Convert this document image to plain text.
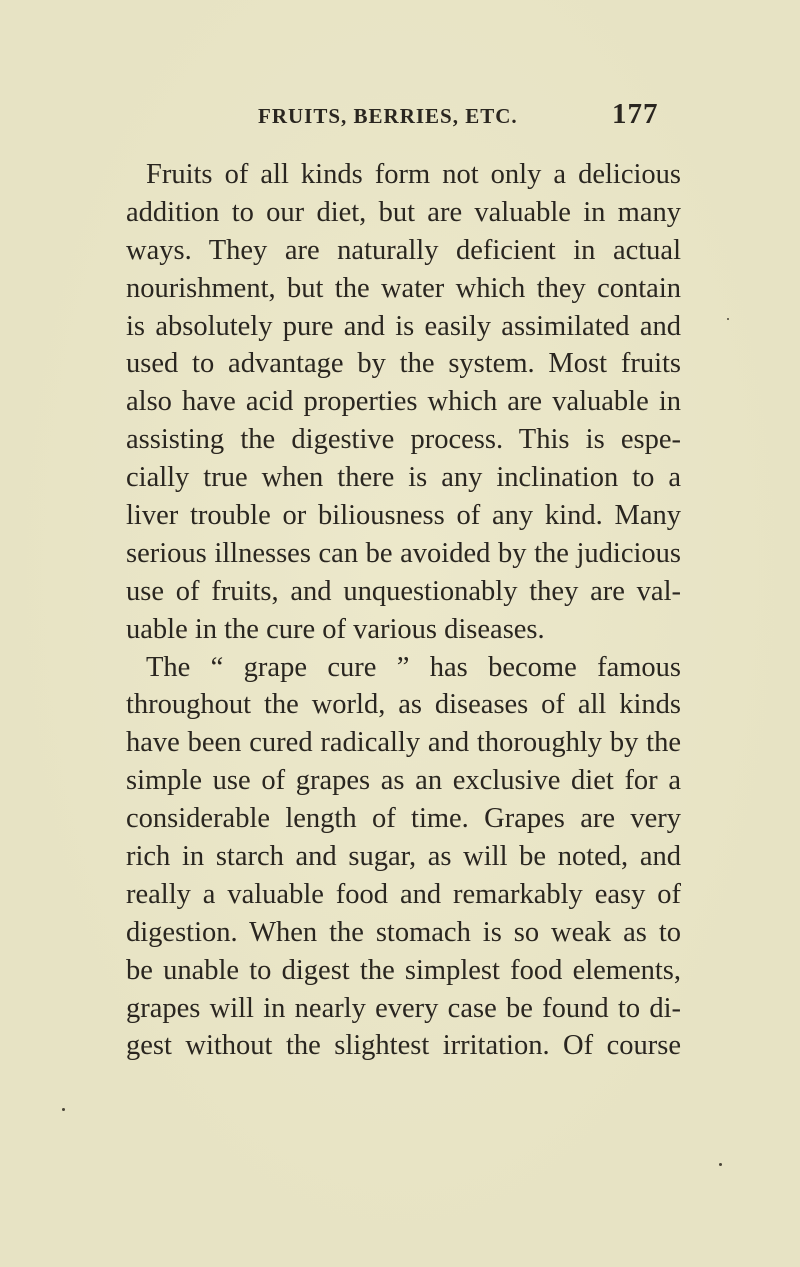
FRUITS, BERRIES, ETC.	177
Fruits of all kinds form not only a delicious
addition to our diet, but are valuable in many
ways. They are naturally deficient in actual
nourishment, but the water which they contain
is absolutely pure and is easily assimilated and
used to advantage by the system. Most fruits
also have acid properties which are valuable in
assisting the digestive process. This is espe-
cially true when there is any inclination to a
liver trouble or biliousness of any kind. Many
serious illnesses can be avoided by the judicious
use of fruits, and unquestionably they are val-
uable in the cure of various diseases.
The “ grape cure ” has become famous
throughout the world, as diseases of all kinds
have been cured radically and thoroughly by the
simple use of grapes as an exclusive diet for a
considerable length of time. Grapes are very
rich in starch and sugar, as will be noted, and
really a valuable food and remarkably easy of
digestion. When the stomach is so weak as to
be unable to digest the simplest food elements,
grapes will in nearly every case be found to di-
gest without the slightest irritation. Of course
